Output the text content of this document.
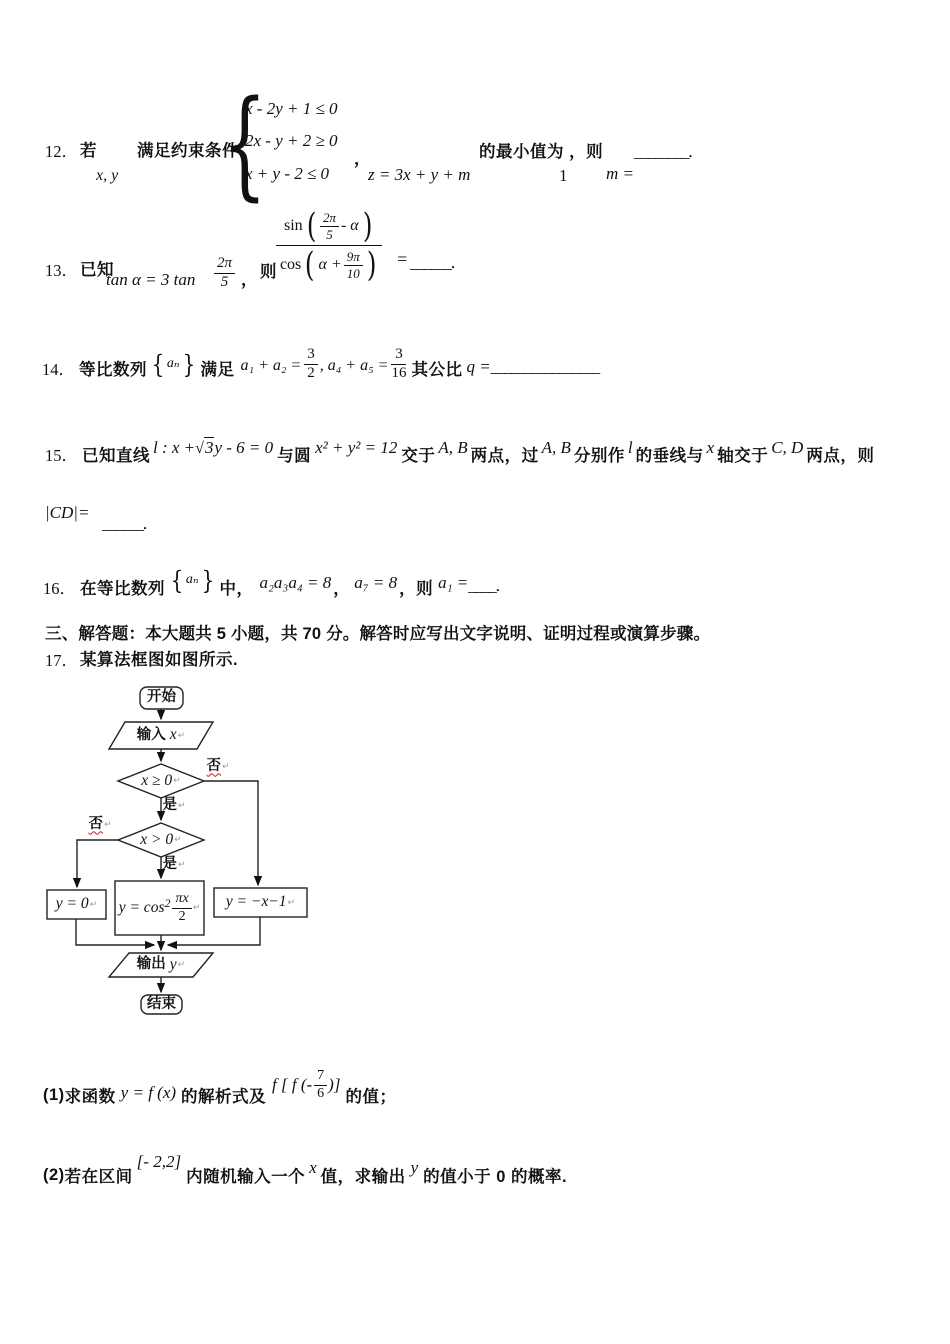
12． 若
x, y
满足约束条件
{
x - 2y + 1 ≤ 0
2x - y + 2 ≥ 0
，
x + y - 2 ≤ 0 z = 3x + y + m
的最小值为 ，则
1 m =
________．
13． 已知
tan α = 3 $\tan \frac{2\pi}{5}$ ， 则 $\frac{\sin ( \frac{2\pi}{5} - \alpha )}{\cos ( \alpha + \frac{9\pi}{10} )}$ = ______．
14． 等比数列 { aₙ } 满足 $a_1 + a_2 = \frac{3}{2}$ , $a_4 + a_5 = \frac{3}{16}$ 其公比 q = ________________
15． 已知直线 l : x +√3y - 6 = 0 与圆 x² + y² = 12 交于 A, B 两点，过 A, B 分别作 l 的垂线与 x 轴交于 C, D 两点，则
|CD|=
______．
16． 在等比数列 { aₙ } 中， a₂a₃a₄ = 8 ， a₇ = 8 ，则 a₁ = ____．
三、解答题：本大题共 5 小题，共 70 分。解答时应写出文字说明、证明过程或演算步骤。
17． 某算法框图如图所示.
开始
输入 x ↵
x ≥ 0 ↵
否 ↵
是 ↵
x > 0 ↵
否 ↵
是 ↵
y = 0 ↵ $y = \cos 2 \frac{\pi x}{2}$ ↵ y = −x−1 ↵
输出 y ↵
结束
(1) 求函数 y = f (x) 的解析式及
f [ f (- $\frac{7}{6}$ )]
的值；
(2) 若在区间
[- 2,2]
内随机输入一个 x 值，求输出 y 的值小于 0 的概率.
